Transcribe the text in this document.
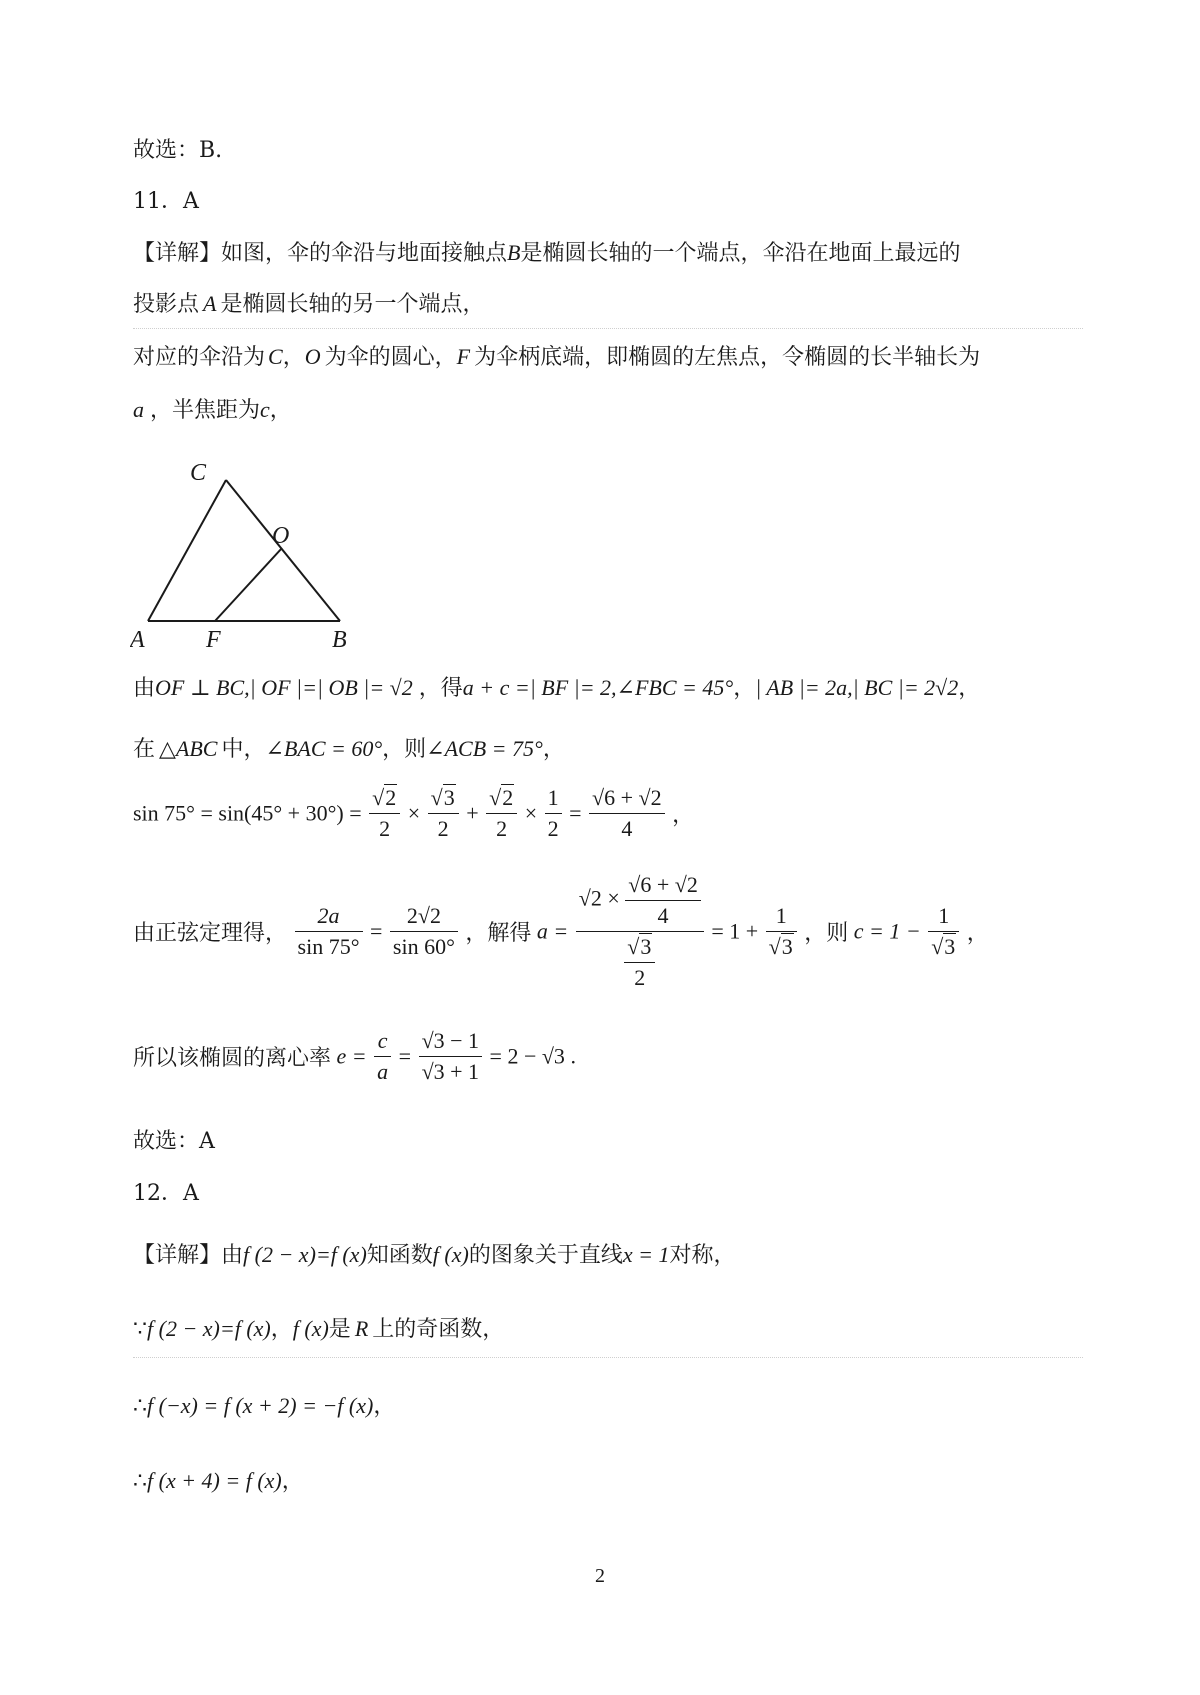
故选：B.
11．A
【详解】如图，伞的伞沿与地面接触点B是椭圆长轴的一个端点，伞沿在地面上最远的
投影点 A 是椭圆长轴的另一个端点，
对应的伞沿为 C，O 为伞的圆心，F 为伞柄底端，即椭圆的左焦点，令椭圆的长半轴长为
a ，半焦距为c，
C
O
A	F	B
由OF ⊥ BC,| OF |=| OB |= √2 ，得a + c =| BF |= 2,∠FBC = 45°，| AB |= 2a,| BC |= 2√2，
在 △ABC 中，∠BAC = 60°，则∠ACB = 75°，
$\sin 75^\circ = \sin(45^\circ + 30^\circ) = \frac{√2}{2} \times \frac{√3}{2} + \frac{√2}{2} \times \frac{1}{2} = \frac{√6 + √2}{4}$ ，
由正弦定理得， $\frac{2a}{\sin 75^\circ} = \frac{2√2}{\sin 60^\circ}$ ，解得 $a = \frac{√2 \times \frac{√6 + √2}{4}}{\frac{√3}{2}} = 1 + \frac{1}{√3}$ ，则 $c = 1 - \frac{1}{√3}$ ，
所以该椭圆的离心率 $e = \frac{c}{a} = \frac{√3 - 1}{√3 + 1} = 2 - √3$ .
故选：A
12．A
【详解】由f (2 − x)=f (x)知函数f (x)的图象关于直线x = 1对称，
∵f (2 − x)=f (x)，f (x)是 R 上的奇函数，
∴f (−x) = f (x + 2) = −f (x)，
∴f (x + 4) = f (x)，
2
